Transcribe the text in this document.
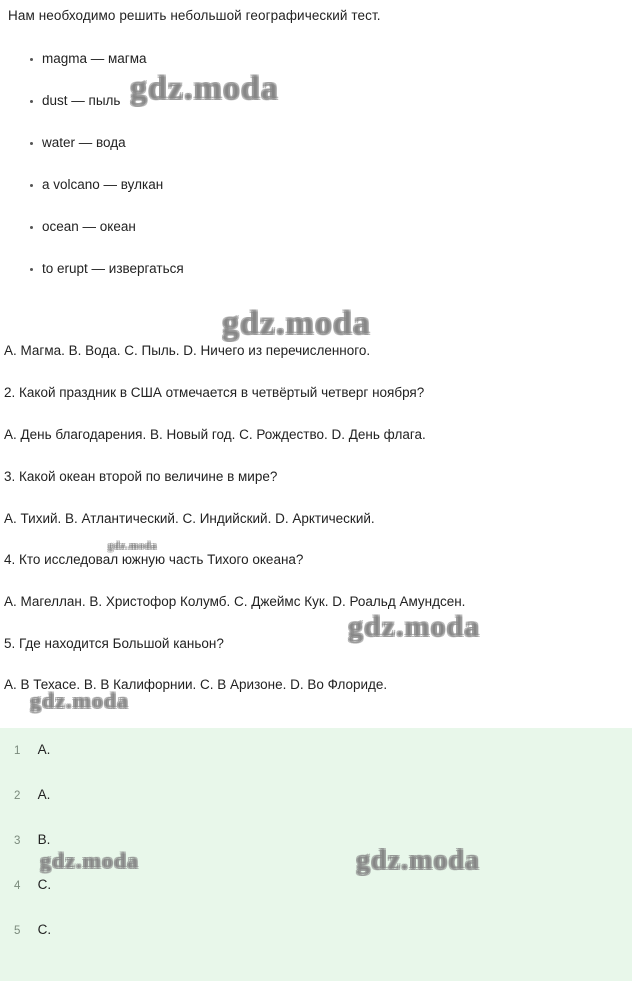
Нам необходимо решить небольшой географический тест.
magma — магма
dust — пыль
water — вода
a volcano — вулкан
ocean — океан
to erupt — извергаться
A. Магма. B. Вода. C. Пыль. D. Ничего из перечисленного.
2. Какой праздник в США отмечается в четвёртый четверг ноября?
A. День благодарения. B. Новый год. C. Рождество. D. День флага.
3. Какой океан второй по величине в мире?
A. Тихий. B. Атлантический. C. Индийский. D. Арктический.
4. Кто исследовал южную часть Тихого океана?
A. Магеллан. B. Христофор Колумб. C. Джеймс Кук. D. Роальд Амундсен.
5. Где находится Большой каньон?
A. В Техасе. B. В Калифорнии. C. В Аризоне. D. Во Флориде.
1 A.
2 A.
3 B.
4 C.
5 C.
gdz.moda
gdz.moda
gdz.moda
gdz.moda
gdz.moda
